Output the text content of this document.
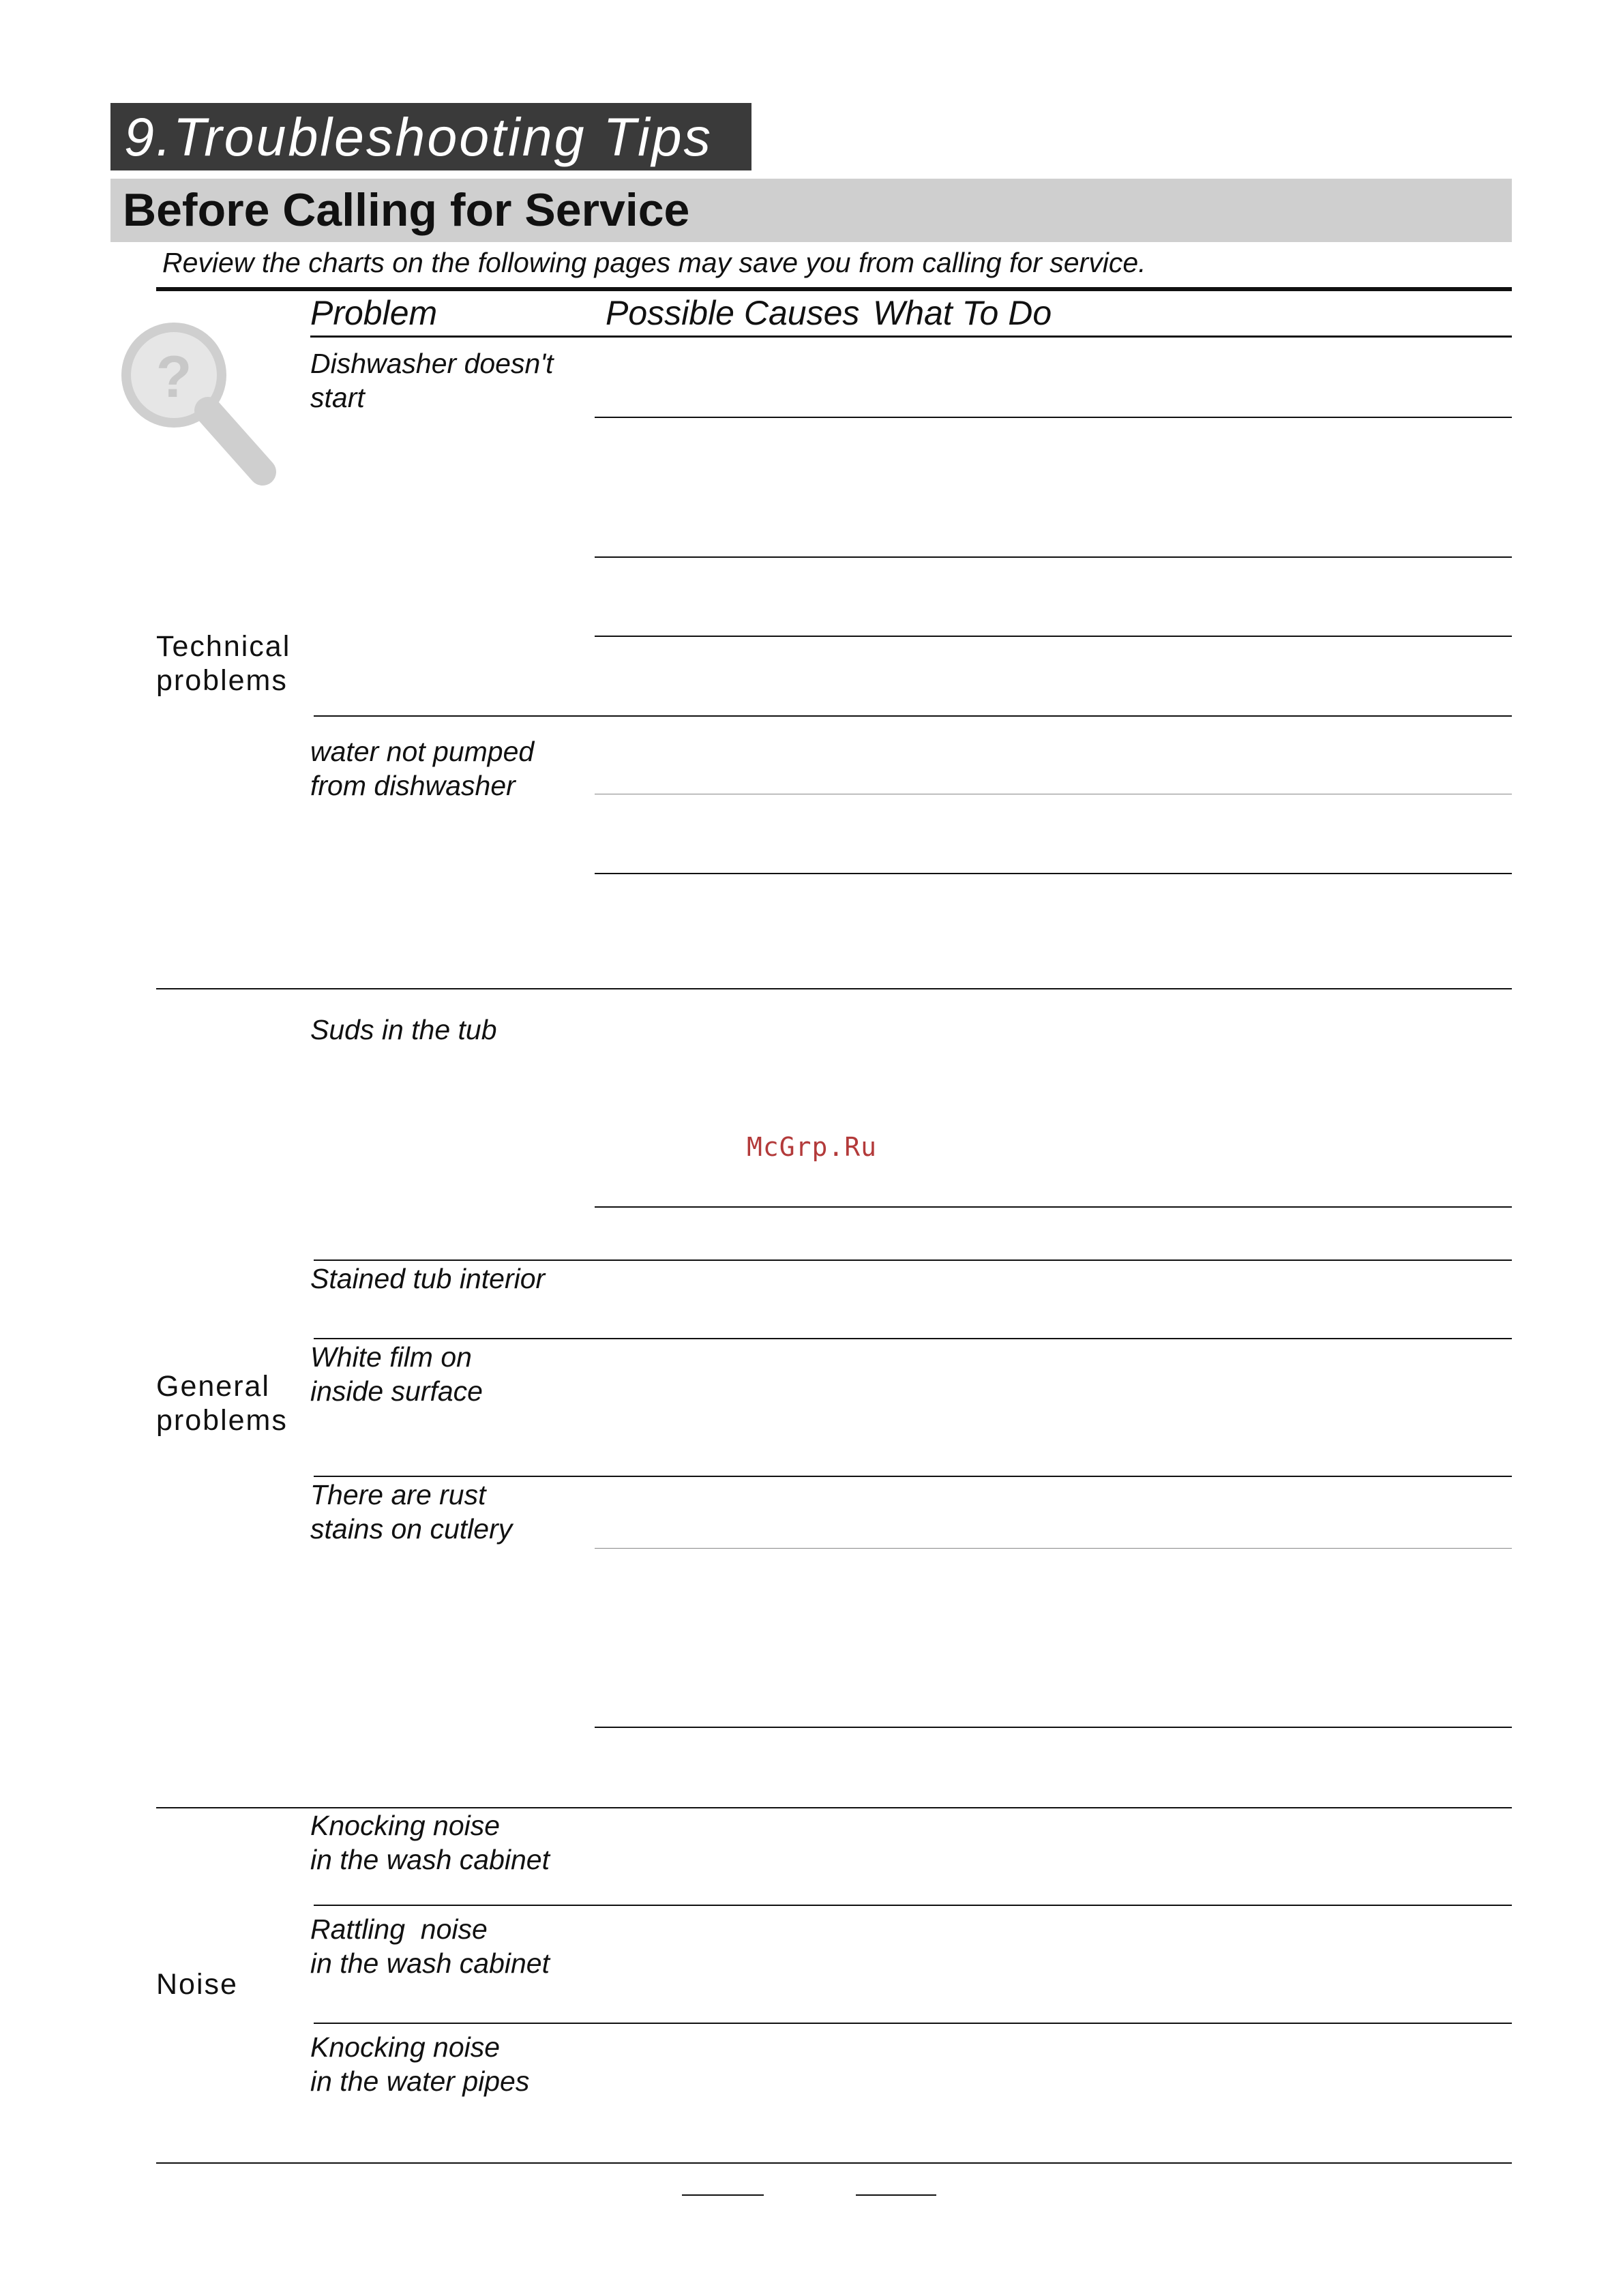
9.Troubleshooting Tips
Before Calling for Service
Review the charts on the following pages may save you from calling for service.
?
Problem	Possible Causes What To Do
Technical
problems
Dishwasher doesn't
start
water not pumped
from dishwasher
General
problems
Suds in the tub
Stained tub interior
White film on
inside surface
There are rust
stains on cutlery
Noise
Knocking noise
in the wash cabinet
Rattling  noise
in the wash cabinet
Knocking noise
in the water pipes
McGrp.Ru
